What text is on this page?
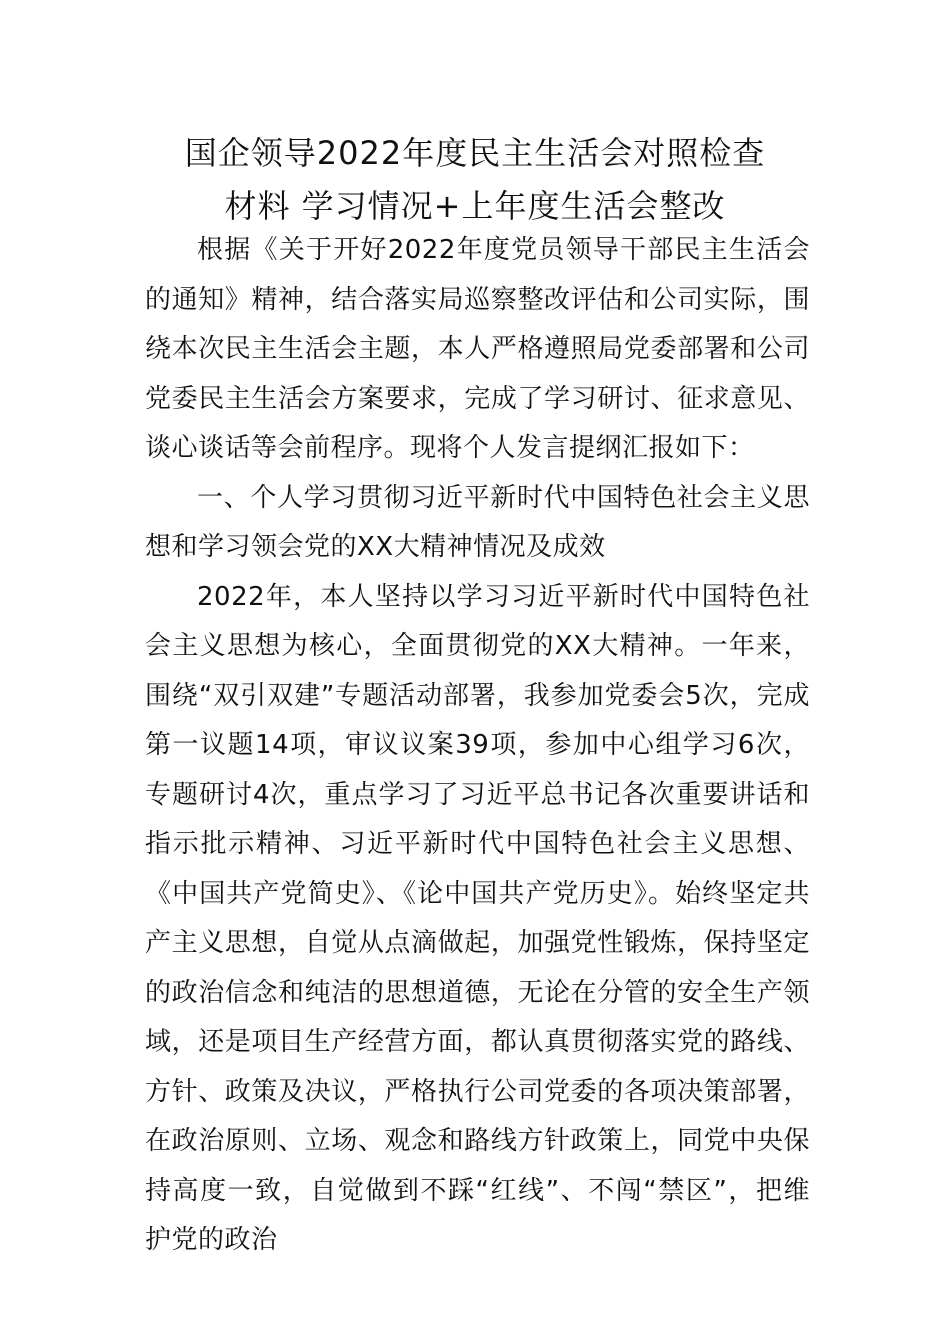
国企领导2022年度民主生活会对照检查
材料 学习情况+上年度生活会整改

根据《关于开好2022年度党员领导干部民主生活会的通知》精神，结合落实局巡察整改评估和公司实际，围绕本次民主生活会主题，本人严格遵照局党委部署和公司党委民主生活会方案要求，完成了学习研讨、征求意见、谈心谈话等会前程序。现将个人发言提纲汇报如下：

一、个人学习贯彻习近平新时代中国特色社会主义思想和学习领会党的XX大精神情况及成效

2022年，本人坚持以学习习近平新时代中国特色社会主义思想为核心，全面贯彻党的XX大精神。一年来，围绕“双引双建”专题活动部署，我参加党委会5次，完成第一议题14项，审议议案39项，参加中心组学习6次，专题研讨4次，重点学习了习近平总书记各次重要讲话和指示批示精神、习近平新时代中国特色社会主义思想、《中国共产党简史》、《论中国共产党历史》。始终坚定共产主义思想，自觉从点滴做起，加强党性锻炼，保持坚定的政治信念和纯洁的思想道德，无论在分管的安全生产领域，还是项目生产经营方面，都认真贯彻落实党的路线、方针、政策及决议，严格执行公司党委的各项决策部署，在政治原则、立场、观念和路线方针政策上，同党中央保持高度一致，自觉做到不踩“红线”、不闯“禁区”，把维护党的政治
